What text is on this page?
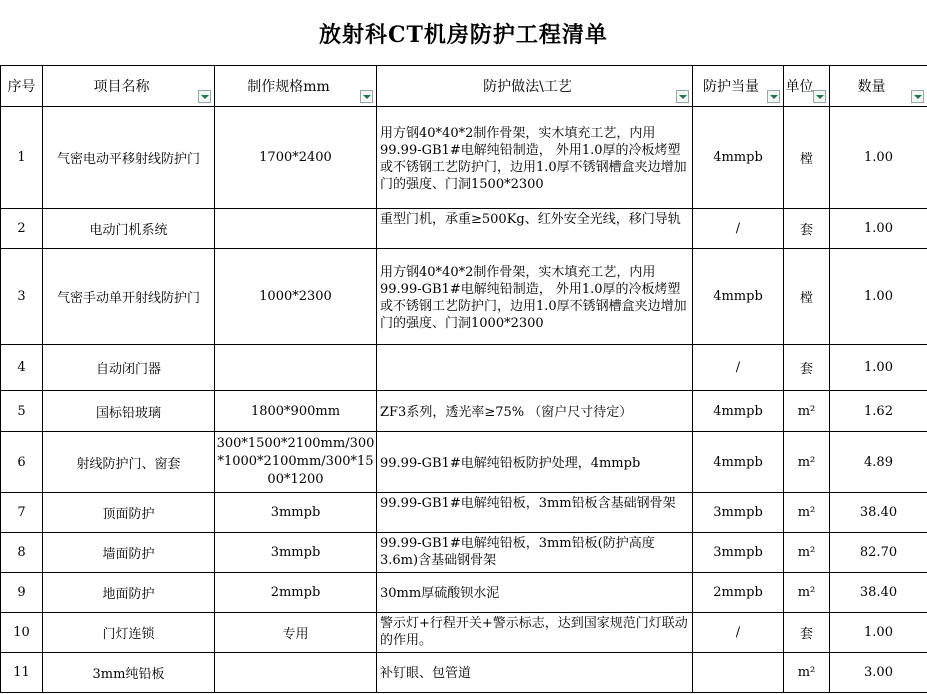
放射科CT机房防护工程清单
序号	项目名称	制作规格mm	防护做法\工艺	防护当量	单位	数量

1	气密电动平移射线防护门	1700*2400	用方钢40*40*2制作骨架，实木填充工艺，内用99.99-GB1#电解纯铅制造， 外用1.0厚的冷板烤塑或不锈钢工艺防护门，边用1.0厚不锈钢槽盒夹边增加门的强度、门洞1500*2300	4mmpb	樘	1.00
2	电动门机系统		重型门机，承重≥500Kg、红外安全光线，移门导轨	/	套	1.00
3	气密手动单开射线防护门	1000*2300	用方钢40*40*2制作骨架，实木填充工艺，内用99.99-GB1#电解纯铅制造， 外用1.0厚的冷板烤塑或不锈钢工艺防护门，边用1.0厚不锈钢槽盒夹边增加门的强度、门洞1000*2300	4mmpb	樘	1.00
4	自动闭门器			/	套	1.00
5	国标铅玻璃	1800*900mm	ZF3系列，透光率≥75% （窗户尺寸待定）	4mmpb	m²	1.62
6	射线防护门、窗套	300*1500*2100mm/300*1000*2100mm/300*1500*1200	99.99-GB1#电解纯铅板防护处理，4mmpb	4mmpb	m²	4.89
7	顶面防护	3mmpb	99.99-GB1#电解纯铅板，3mm铅板含基础钢骨架	3mmpb	m²	38.40
8	墙面防护	3mmpb	99.99-GB1#电解纯铅板，3mm铅板(防护高度3.6m)含基础钢骨架	3mmpb	m²	82.70
9	地面防护	2mmpb	30mm厚硫酸钡水泥	2mmpb	m²	38.40
10	门灯连锁	专用	警示灯+行程开关+警示标志，达到国家规范门灯联动的作用。	/	套	1.00
11	3mm纯铅板		补钉眼、包管道		m²	3.00
